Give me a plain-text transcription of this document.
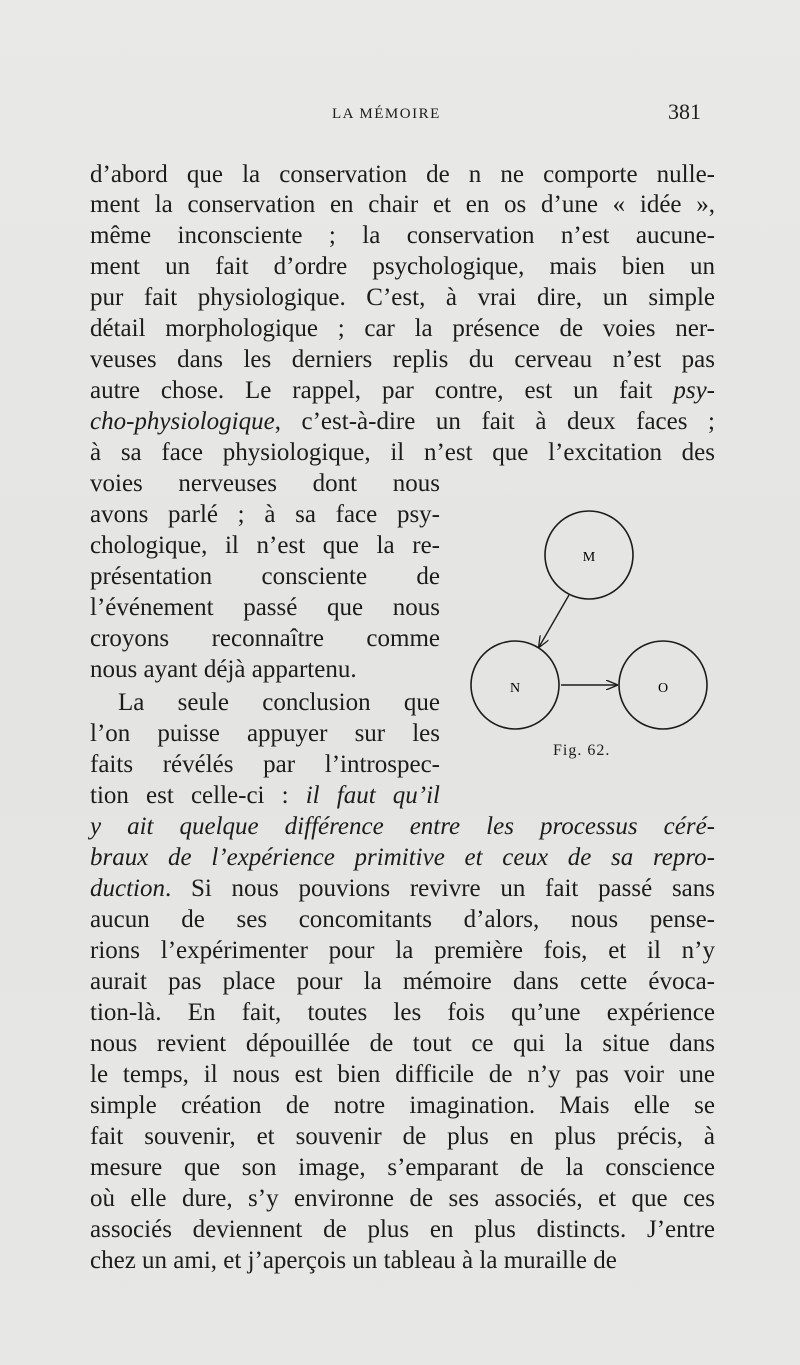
LA MÉMOIRE	381
d’abord que la conservation de n ne comporte nulle-
ment la conservation en chair et en os d’une « idée »,
même inconsciente ; la conservation n’est aucune-
ment un fait d’ordre psychologique, mais bien un
pur fait physiologique. C’est, à vrai dire, un simple
détail morphologique ; car la présence de voies ner-
veuses dans les derniers replis du cerveau n’est pas
autre chose. Le rappel, par contre, est un fait psy-
cho-physiologique, c’est-à-dire un fait à deux faces ;
à sa face physiologique, il n’est que l’excitation des
voies nerveuses dont nous
avons parlé ; à sa face psy-
chologique, il n’est que la re-
présentation consciente de
l’événement passé que nous
croyons reconnaître comme
nous ayant déjà appartenu.
La seule conclusion que
l’on puisse appuyer sur les
faits révélés par l’introspec-
tion est celle-ci : il faut qu’il
y ait quelque différence entre les processus céré-
braux de l’expérience primitive et ceux de sa repro-
duction. Si nous pouvions revivre un fait passé sans
aucun de ses concomitants d’alors, nous pense-
rions l’expérimenter pour la première fois, et il n’y
aurait pas place pour la mémoire dans cette évoca-
tion-là. En fait, toutes les fois qu’une expérience
nous revient dépouillée de tout ce qui la situe dans
le temps, il nous est bien difficile de n’y pas voir une
simple création de notre imagination. Mais elle se
fait souvenir, et souvenir de plus en plus précis, à
mesure que son image, s’emparant de la conscience
où elle dure, s’y environne de ses associés, et que ces
associés deviennent de plus en plus distincts. J’entre
chez un ami, et j’aperçois un tableau à la muraille de
M
N	O
Fig. 62.
